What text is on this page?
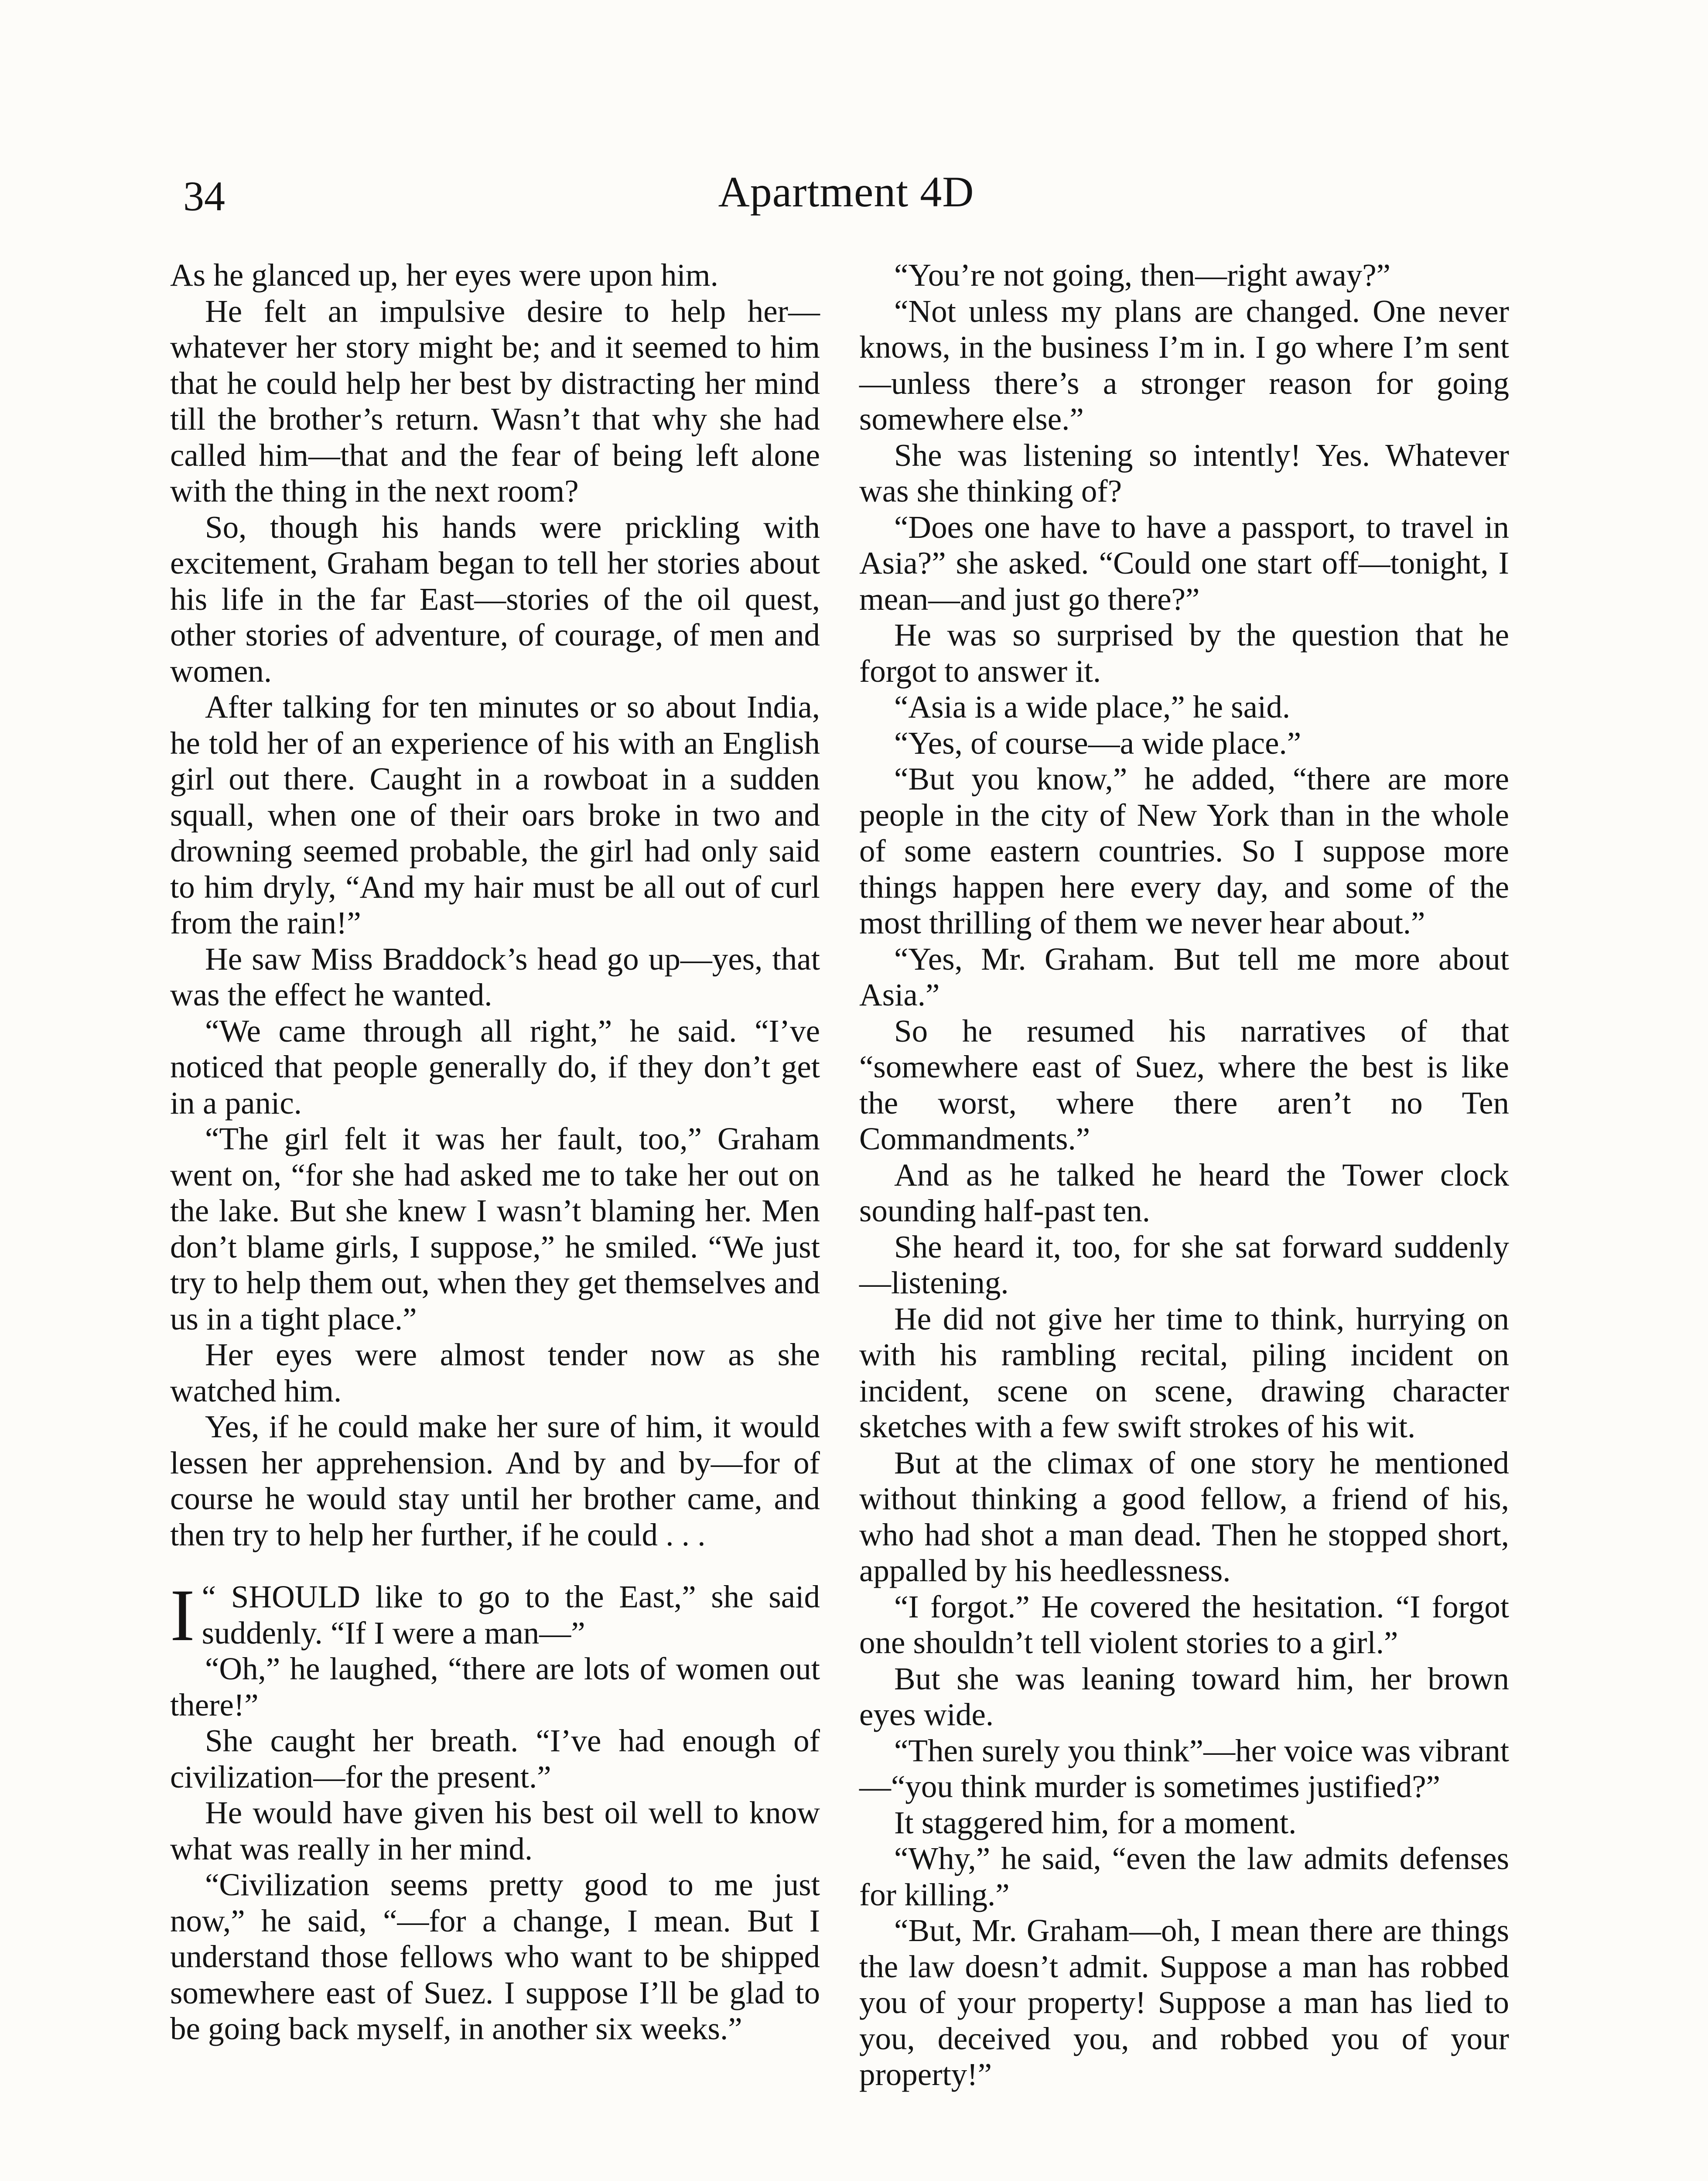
34	Apartment 4D

As he glanced up, her eyes were upon him.

He felt an impulsive desire to help her—whatever her story might be; and it seemed to him that he could help her best by distracting her mind till the brother’s return. Wasn’t that why she had called him—that and the fear of being left alone with the thing in the next room?

So, though his hands were prickling with excitement, Graham began to tell her stories about his life in the far East—stories of the oil quest, other stories of adventure, of courage, of men and women.

After talking for ten minutes or so about India, he told her of an experience of his with an English girl out there. Caught in a rowboat in a sudden squall, when one of their oars broke in two and drowning seemed probable, the girl had only said to him dryly, “And my hair must be all out of curl from the rain!”

He saw Miss Braddock’s head go up—yes, that was the effect he wanted.

“We came through all right,” he said. “I’ve noticed that people generally do, if they don’t get in a panic.

“The girl felt it was her fault, too,” Graham went on, “for she had asked me to take her out on the lake. But she knew I wasn’t blaming her. Men don’t blame girls, I suppose,” he smiled. “We just try to help them out, when they get themselves and us in a tight place.”

Her eyes were almost tender now as she watched him.

Yes, if he could make her sure of him, it would lessen her apprehension. And by and by—for of course he would stay until her brother came, and then try to help her further, if he could . . .

“
I SHOULD like to go to the East,” she said suddenly. “If I were a man—”

“Oh,” he laughed, “there are lots of women out there!”

She caught her breath. “I’ve had enough of civilization—for the present.”

He would have given his best oil well to know what was really in her mind.

“Civilization seems pretty good to me just now,” he said, “—for a change, I mean. But I understand those fellows who want to be shipped somewhere east of Suez. I suppose I’ll be glad to be going back myself, in another six weeks.”

“You’re not going, then—right away?”

“Not unless my plans are changed. One never knows, in the business I’m in. I go where I’m sent—unless there’s a stronger reason for going somewhere else.”

She was listening so intently! Yes. Whatever was she thinking of?

“Does one have to have a passport, to travel in Asia?” she asked. “Could one start off—tonight, I mean—and just go there?”

He was so surprised by the question that he forgot to answer it.

“Asia is a wide place,” he said.

“Yes, of course—a wide place.”

“But you know,” he added, “there are more people in the city of New York than in the whole of some eastern countries. So I suppose more things happen here every day, and some of the most thrilling of them we never hear about.”

“Yes, Mr. Graham. But tell me more about Asia.”

So he resumed his narratives of that “somewhere east of Suez, where the best is like the worst, where there aren’t no Ten Commandments.”

And as he talked he heard the Tower clock sounding half-past ten.

She heard it, too, for she sat forward suddenly—listening.

He did not give her time to think, hurrying on with his rambling recital, piling incident on incident, scene on scene, drawing character sketches with a few swift strokes of his wit.

But at the climax of one story he mentioned without thinking a good fellow, a friend of his, who had shot a man dead. Then he stopped short, appalled by his heedlessness.

“I forgot.” He covered the hesitation. “I forgot one shouldn’t tell violent stories to a girl.”

But she was leaning toward him, her brown eyes wide.

“Then surely you think”—her voice was vibrant—“you think murder is sometimes justified?”

It staggered him, for a moment.

“Why,” he said, “even the law admits defenses for killing.”

“But, Mr. Graham—oh, I mean there are things the law doesn’t admit. Suppose a man has robbed you of your property! Suppose a man has lied to you, deceived you, and robbed you of your property!”
